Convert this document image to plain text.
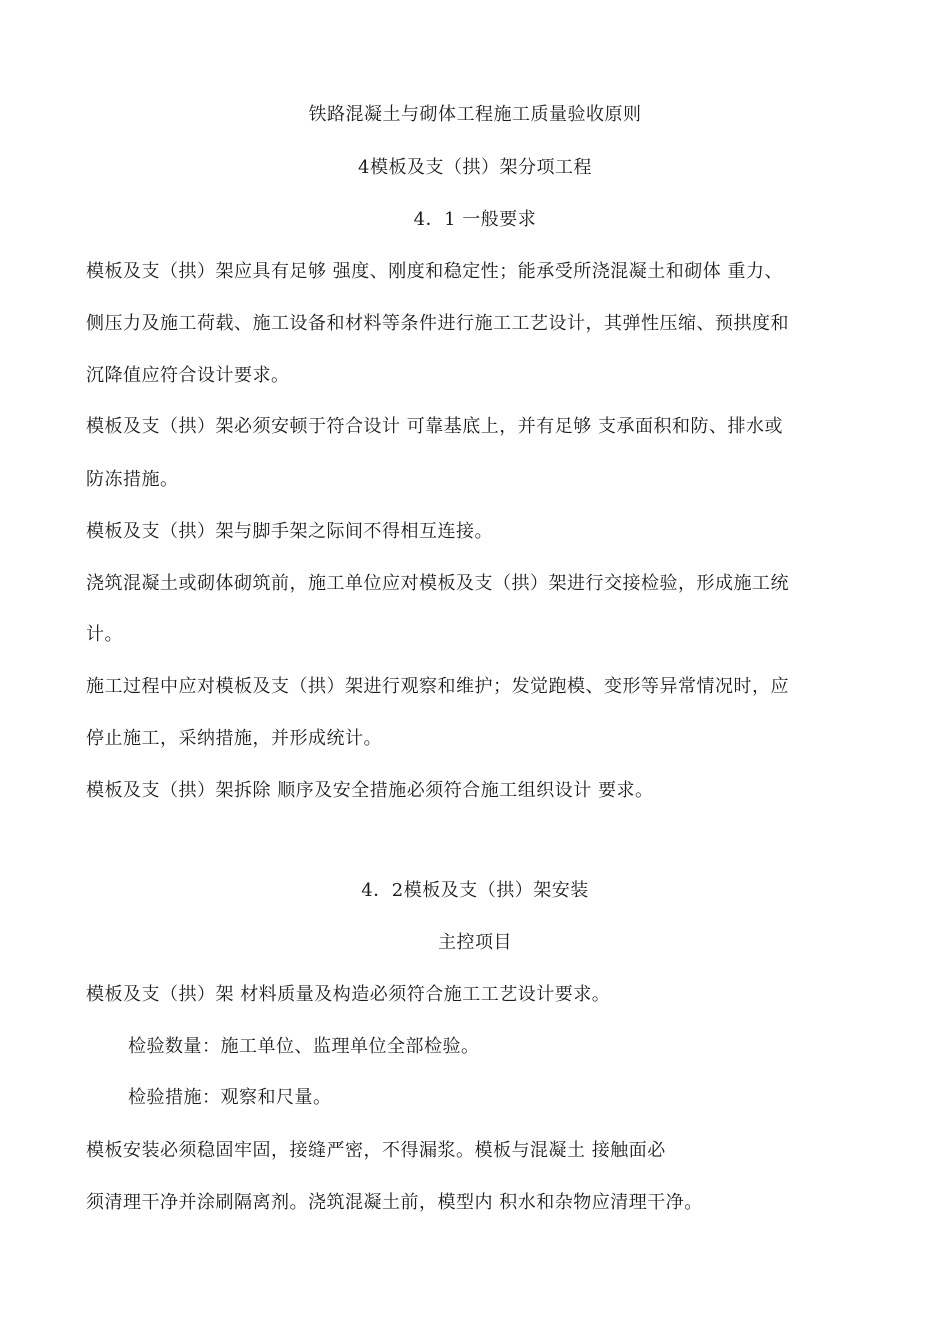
铁路混凝土与砌体工程施工质量验收原则
4模板及支（拱）架分项工程
4．1 一般要求
模板及支（拱）架应具有足够 强度、刚度和稳定性；能承受所浇混凝土和砌体 重力、
侧压力及施工荷载、施工设备和材料等条件进行施工工艺设计，其弹性压缩、预拱度和
沉降值应符合设计要求。
模板及支（拱）架必须安顿于符合设计 可靠基底上，并有足够 支承面积和防、排水或
防冻措施。
模板及支（拱）架与脚手架之际间不得相互连接。
浇筑混凝土或砌体砌筑前，施工单位应对模板及支（拱）架进行交接检验，形成施工统
计。
施工过程中应对模板及支（拱）架进行观察和维护；发觉跑模、变形等异常情况时，应
停止施工，采纳措施，并形成统计。
模板及支（拱）架拆除 顺序及安全措施必须符合施工组织设计 要求。
4．2模板及支（拱）架安装
主控项目
模板及支（拱）架 材料质量及构造必须符合施工工艺设计要求。
检验数量：施工单位、监理单位全部检验。
检验措施：观察和尺量。
模板安装必须稳固牢固，接缝严密，不得漏浆。模板与混凝土 接触面必
须清理干净并涂刷隔离剂。浇筑混凝土前，模型内 积水和杂物应清理干净。
